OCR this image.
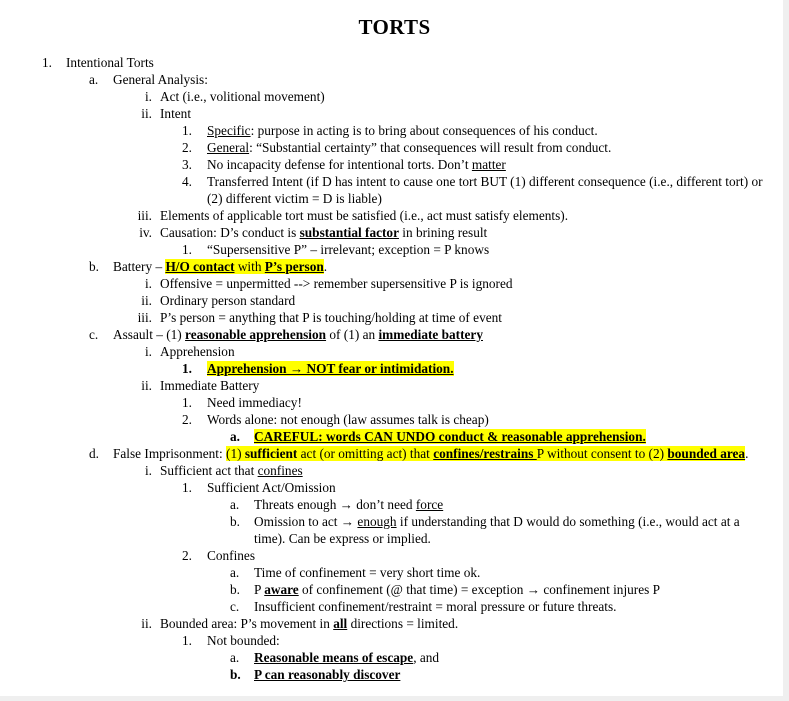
TORTS
1. Intentional Torts
a. General Analysis:
i. Act (i.e., volitional movement)
ii. Intent
1. Specific: purpose in acting is to bring about consequences of his conduct.
2. General: “Substantial certainty” that consequences will result from conduct.
3. No incapacity defense for intentional torts. Don’t matter
4. Transferred Intent (if D has intent to cause one tort BUT (1) different consequence (i.e., different tort) or (2) different victim = D is liable)
iii. Elements of applicable tort must be satisfied (i.e., act must satisfy elements).
iv. Causation: D’s conduct is substantial factor in brining result
1. “Supersensitive P” – irrelevant; exception = P knows
b. Battery – H/O contact with P’s person.
i. Offensive = unpermitted --> remember supersensitive P is ignored
ii. Ordinary person standard
iii. P’s person = anything that P is touching/holding at time of event
c. Assault – (1) reasonable apprehension of (1) an immediate battery
i. Apprehension
1. Apprehension → NOT fear or intimidation.
ii. Immediate Battery
1. Need immediacy!
2. Words alone: not enough (law assumes talk is cheap)
a. CAREFUL: words CAN UNDO conduct & reasonable apprehension.
d. False Imprisonment: (1) sufficient act (or omitting act) that confines/restrains P without consent to (2) bounded area.
i. Sufficient act that confines
1. Sufficient Act/Omission
a. Threats enough → don’t need force
b. Omission to act → enough if understanding that D would do something (i.e., would act at a time). Can be express or implied.
2. Confines
a. Time of confinement = very short time ok.
b. P aware of confinement (@ that time) = exception → confinement injures P
c. Insufficient confinement/restraint = moral pressure or future threats.
ii. Bounded area: P’s movement in all directions = limited.
1. Not bounded:
a. Reasonable means of escape, and
b. P can reasonably discover
